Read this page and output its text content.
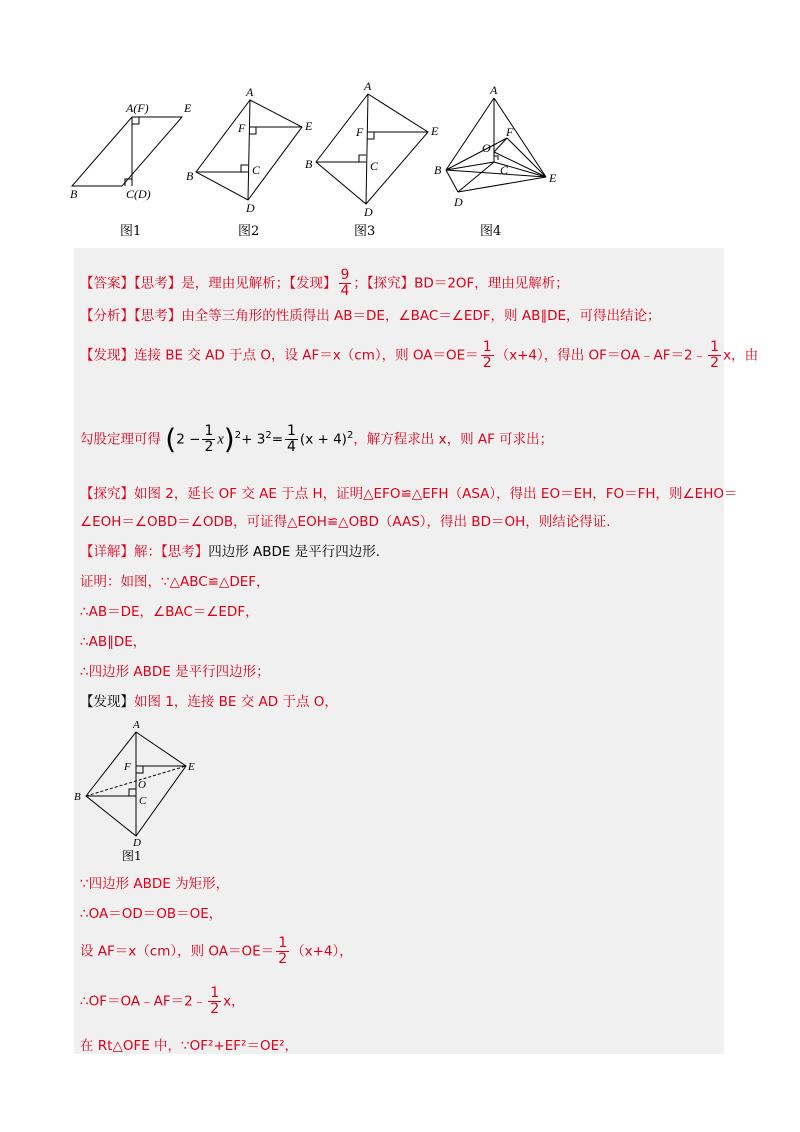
A(F)	E
B	C(D)
A
F	E
B	C
D
A
F	E
B	C
D
A
F
O
B	C
E
D
图1	图2	图3	图4
【答案】【思考】是，理由见解析；【发现】 $\frac{9}{4}$ ；【探究】BD＝2OF，理由见解析；
【分析】【思考】由全等三角形的性质得出 AB＝DE，∠BAC＝∠EDF，则 AB∥DE，可得出结论；
【发现】连接 BE 交 AD 于点 O，设 AF＝x（cm），则 $OA=OE= \frac{1}{2} (x+4)$，得出 OF＝OA﹣AF＝2﹣ $\frac{1}{2}$ x，由
勾股定理可得 $(2 - \frac{1}{2} x)^2+ 3^2= \frac{1}{4} (x + 4)^2$，解方程求出 x，则 AF 可求出；
【探究】如图 2，延长 OF 交 AE 于点 H，证明△EFO≌△EFH（ASA），得出 EO＝EH，FO＝FH，则∠EHO＝
∠EOH＝∠OBD＝∠ODB，可证得△EOH≌△OBD（AAS），得出 BD＝OH，则结论得证.
【详解】解：【思考】四边形 ABDE 是平行四边形.
证明：如图，∵△ABC≌△DEF，
∴AB＝DE，∠BAC＝∠EDF，
∴AB∥DE，
∴四边形 ABDE 是平行四边形；
【发现】如图 1，连接 BE 交 AD 于点 O，
A
F
O
E
B	C
D
图1
∵四边形 ABDE 为矩形，
∴OA＝OD＝OB＝OE，
设 AF＝x（cm），则 $OA=OE= \frac{1}{2} (x+4)$，
∴OF＝OA﹣AF＝2﹣ $\frac{1}{2}$ x，
在 Rt△OFE 中，∵OF²+EF²＝OE²，
